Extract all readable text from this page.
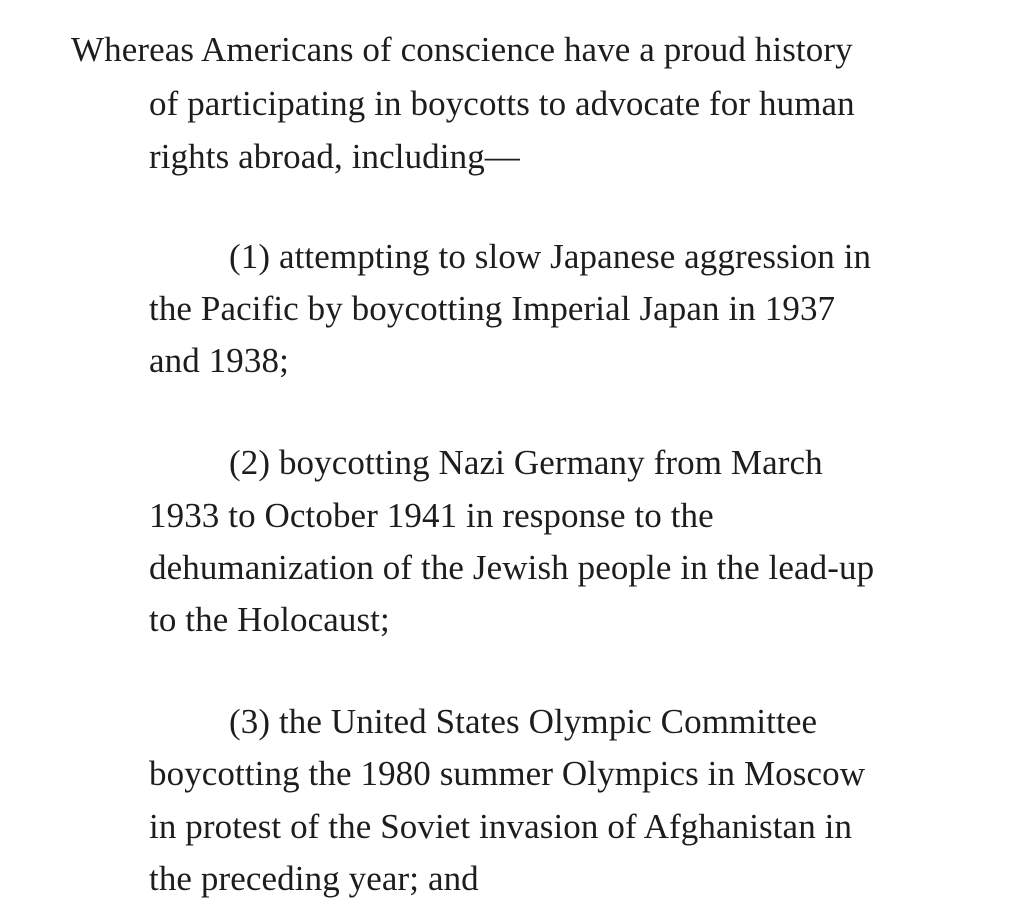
Whereas Americans of conscience have a proud history
of participating in boycotts to advocate for human
rights abroad, including—
(1) attempting to slow Japanese aggression in
the Pacific by boycotting Imperial Japan in 1937
and 1938;
(2) boycotting Nazi Germany from March
1933 to October 1941 in response to the
dehumanization of the Jewish people in the lead-up
to the Holocaust;
(3) the United States Olympic Committee
boycotting the 1980 summer Olympics in Moscow
in protest of the Soviet invasion of Afghanistan in
the preceding year; and
